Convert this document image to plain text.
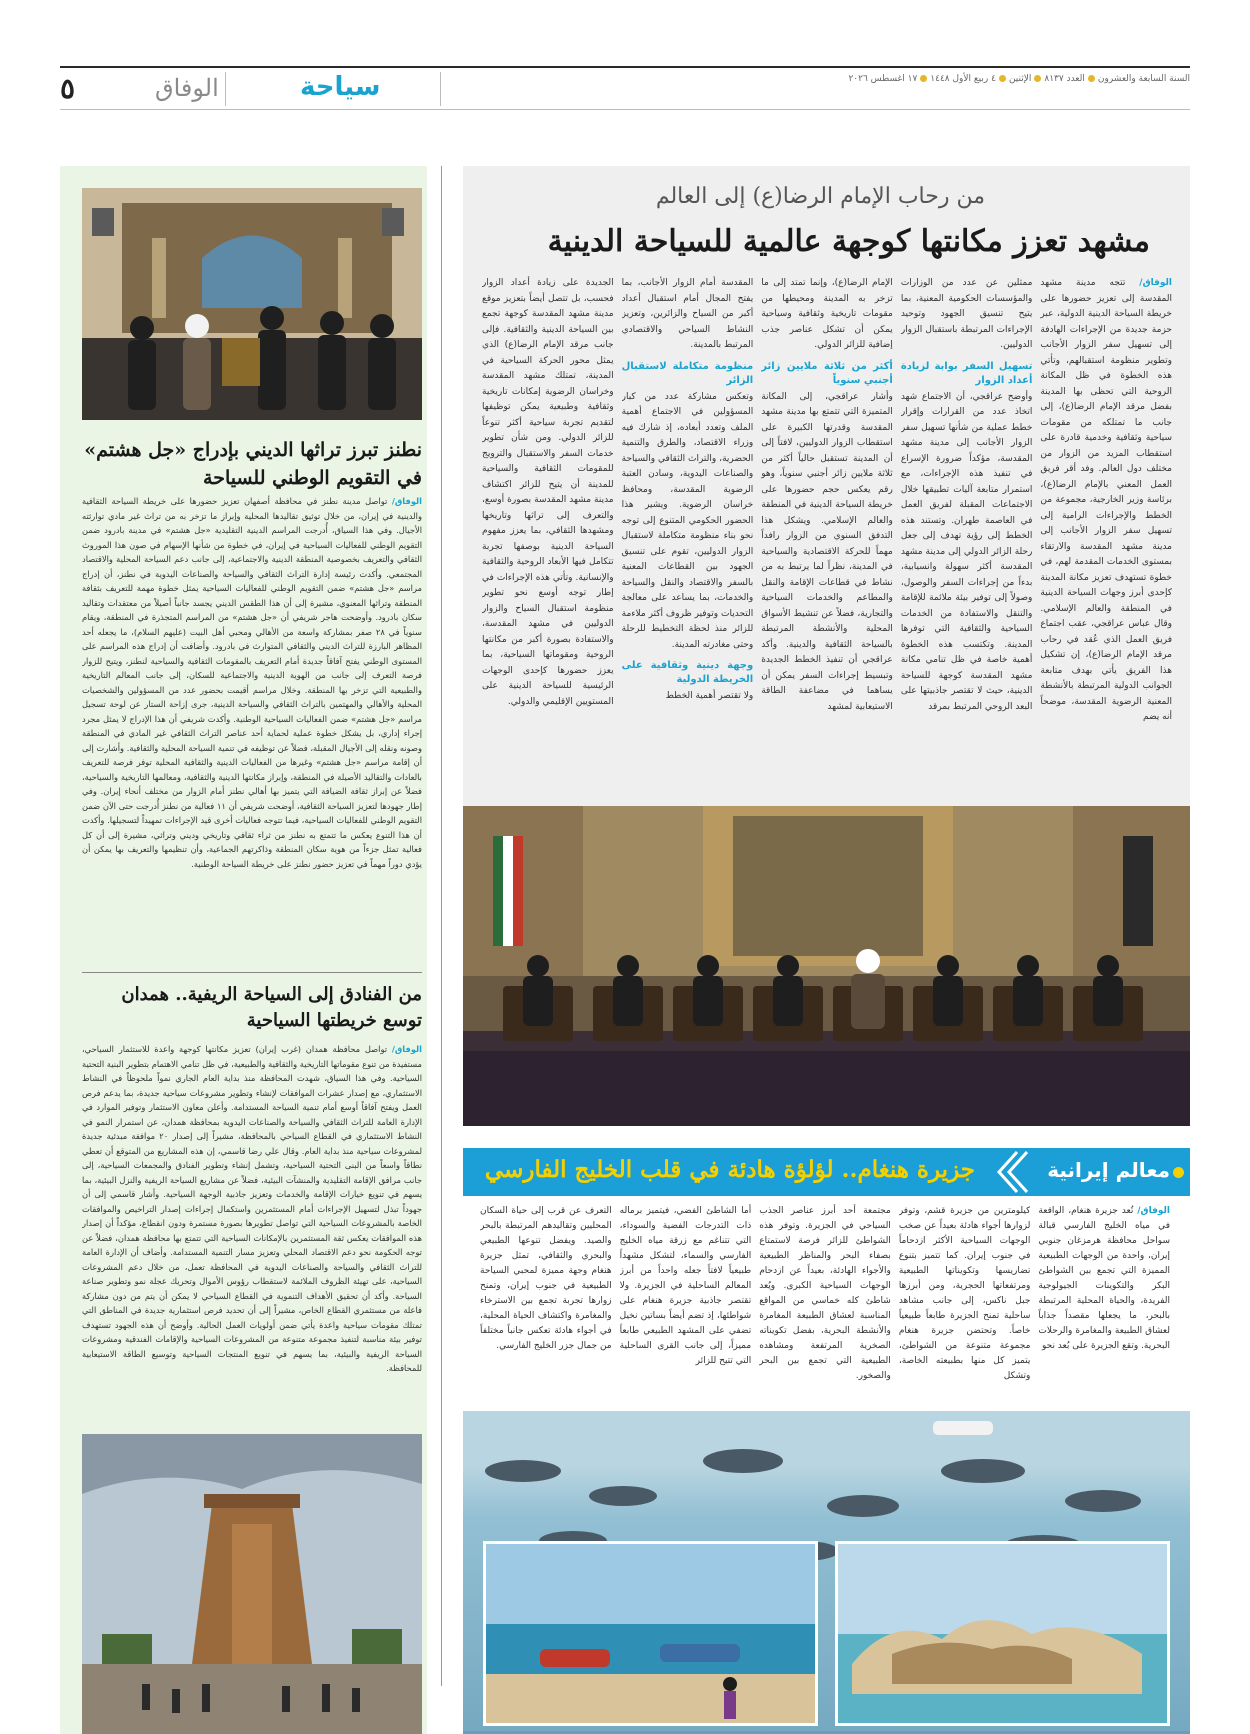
٥	الوفاق	سياحة	السنة السابعة والعشرونالعدد ٨١٣٧الإثنين٤ ربيع الأول ١٤٤٨١٧ اغسطس ٢٠٢٦
من رحاب الإمام الرضا(ع) إلى العالم
مشهد تعزز مكانتها كوجهة عالمية للسياحة الدينية
الوفاق/ تتجه مدينة مشهد المقدسة إلى تعزيز حضورها على خريطة السياحة الدينية الدولية، عبر حزمة جديدة من الإجراءات الهادفة إلى تسهيل سفر الزوار الأجانب وتطوير منظومة استقبالهم، وتأتي هذه الخطوة في ظل المكانة الروحية التي تحظى بها المدينة بفضل مرقد الإمام الرضا(ع)، إلى جانب ما تمتلكه من مقومات سياحية وثقافية وخدمية قادرة على استقطاب المزيد من الزوار من مختلف دول العالم. وفد أقر فريق العمل المعني بالإمام الرضا(ع)، برئاسة وزير الخارجية، مجموعة من الخطط والإجراءات الرامية إلى تسهيل سفر الزوار الأجانب إلى مدينة مشهد المقدسة والارتقاء بمستوى الخدمات المقدمة لهم، في خطوة تستهدف تعزيز مكانة المدينة كإحدى أبرز وجهات السياحة الدينية في المنطقة والعالم الإسلامي. وقال عباس عراقجي، عقب اجتماع فريق العمل الذي عُقد في رحاب مرقد الإمام الرضا(ع)، إن تشكيل هذا الفريق يأتي بهدف متابعة الجوانب الدولية المرتبطة بالأنشطة المعنية الرضوية المقدسة، موضحاً أنه يضم
ممثلين عن عدد من الوزارات والمؤسسات الحكومية المعنية، بما يتيح تنسيق الجهود وتوحيد الإجراءات المرتبطة باستقبال الزوار الدوليين.
تسهيل السفر بوابة لزيادة أعداد الزوار
وأوضح عراقجي، أن الاجتماع شهد اتخاذ عدد من القرارات وإقرار خطط عملية من شأنها تسهيل سفر الزوار الأجانب إلى مدينة مشهد المقدسة، مؤكداً ضرورة الإسراع في تنفيذ هذه الإجراءات، مع استمرار متابعة آليات تطبيقها خلال الاجتماعات المقبلة لفريق العمل في العاصمة طهران. وتستند هذه الخطط إلى رؤية تهدف إلى جعل رحلة الزائر الدولي إلى مدينة مشهد المقدسة أكثر سهولة وانسيابية، بدءاً من إجراءات السفر والوصول، وصولاً إلى توفير بيئة ملائمة للإقامة والتنقل والاستفادة من الخدمات السياحية والثقافية التي توفرها المدينة. وتكتسب هذه الخطوة أهمية خاصة في ظل تنامي مكانة مشهد المقدسة كوجهة للسياحة الدينية، حيث لا تقتصر جاذبيتها على البعد الروحي المرتبط بمرقد
الإمام الرضا(ع)، وإنما تمتد إلى ما تزخر به المدينة ومحيطها من مقومات تاريخية وثقافية وسياحية يمكن أن تشكل عناصر جذب إضافية للزائر الدولي.
أكثر من ثلاثة ملايين زائر أجنبي سنوياً
وأشار عراقجي، إلى المكانة المتميزة التي تتمتع بها مدينة مشهد المقدسة وقدرتها الكبيرة على استقطاب الزوار الدوليين، لافتاً إلى أن المدينة تستقبل حالياً أكثر من ثلاثة ملايين زائر أجنبي سنوياً، وهو رقم يعكس حجم حضورها على خريطة السياحة الدينية في المنطقة والعالم الإسلامي. ويشكل هذا التدفق السنوي من الزوار رافداً مهماً للحركة الاقتصادية والسياحية في المدينة، نظراً لما يرتبط به من نشاط في قطاعات الإقامة والنقل والمطاعم والخدمات السياحية والتجارية، فضلاً عن تنشيط الأسواق المحلية والأنشطة المرتبطة بالسياحة الثقافية والدينية. وأكد عراقجي أن تنفيذ الخطط الجديدة وتبسيط إجراءات السفر يمكن أن يساهما في مضاعفة الطاقة الاستيعابية لمشهد
المقدسة أمام الزوار الأجانب، بما يفتح المجال أمام استقبال أعداد أكبر من السياح والزائرين، وتعزيز النشاط السياحي والاقتصادي المرتبط بالمدينة.
منظومة متكاملة لاستقبال الزائر
وتعكس مشاركة عدد من كبار المسؤولين في الاجتماع أهمية الملف وتعدد أبعاده، إذ شارك فيه وزراء الاقتصاد، والطرق والتنمية الحضرية، والتراث الثقافي والسياحة والصناعات اليدوية، وسادن العتبة الرضوية المقدسة، ومحافظ خراسان الرضوية. ويشير هذا الحضور الحكومي المتنوع إلى توجه نحو بناء منظومة متكاملة لاستقبال الزوار الدوليين، تقوم على تنسيق الجهود بين القطاعات المعنية بالسفر والاقتصاد والنقل والسياحة والخدمات، بما يساعد على معالجة التحديات وتوفير ظروف أكثر ملاءمة للزائر منذ لحظة التخطيط للرحلة وحتى مغادرته المدينة.
وجهة دينية وثقافية على الخريطة الدولية
ولا تقتصر أهمية الخطط
الجديدة على زيادة أعداد الزوار فحسب، بل تتصل أيضاً بتعزيز موقع مدينة مشهد المقدسة كوجهة تجمع بين السياحة الدينية والثقافية. فإلى جانب مرقد الإمام الرضا(ع) الذي يمثل محور الحركة السياحية في المدينة، تمتلك مشهد المقدسة وخراسان الرضوية إمكانات تاريخية وثقافية وطبيعية يمكن توظيفها لتقديم تجربة سياحية أكثر تنوعاً للزائر الدولي. ومن شأن تطوير خدمات السفر والاستقبال والترويج للمقومات الثقافية والسياحية للمدينة أن يتيح للزائر اكتشاف مدينة مشهد المقدسة بصورة أوسع، والتعرف إلى تراثها وتاريخها ومشهدها الثقافي، بما يعزز مفهوم السياحة الدينية بوصفها تجربة تتكامل فيها الأبعاد الروحية والثقافية والإنسانية. وتأتي هذه الإجراءات في إطار توجه أوسع نحو تطوير منظومة استقبال السياح والزوار الدوليين في مشهد المقدسة، والاستفادة بصورة أكبر من مكانتها الروحية ومقوماتها السياحية، بما يعزز حضورها كإحدى الوجهات الرئيسية للسياحة الدينية على المستويين الإقليمي والدولي.
معالم إيرانية
جزيرة هنغام.. لؤلؤة هادئة في قلب الخليج الفارسي
الوفاق/ تُعد جزيرة هنغام، الواقعة في مياه الخليج الفارسي قبالة سواحل محافظة هرمزغان جنوبي إيران، واحدة من الوجهات الطبيعية المميزة التي تجمع بين الشواطئ البكر والتكوينات الجيولوجية الفريدة، والحياة المحلية المرتبطة بالبحر، ما يجعلها مقصداً جذاباً لعشاق الطبيعة والمغامرة والرحلات البحرية. وتقع الجزيرة على بُعد نحو
كيلومترين من جزيرة قشم، وتوفر لزوارها أجواء هادئة بعيداً عن صخب الوجهات السياحية الأكثر ازدحاماً في جنوب إيران. كما تتميز بتنوع تضاريسها وتكويناتها الطبيعية ومرتفعاتها الحجرية، ومن أبرزها جبل ناكس، إلى جانب مشاهد ساحلية تمنح الجزيرة طابعاً طبيعياً خاصاً. وتحتضن جزيرة هنغام مجموعة متنوعة من الشواطئ، يتميز كل منها بطبيعته الخاصة، وتشكل
مجتمعة أحد أبرز عناصر الجذب السياحي في الجزيرة. وتوفر هذه الشواطئ للزائر فرصة لاستمتاع بصفاء البحر والمناظر الطبيعية والأجواء الهادئة، بعيداً عن ازدحام الوجهات السياحية الكبرى. ويُعد شاطئ كله خماسي من المواقع المناسبة لعشاق الطبيعة المغامرة والأنشطة البحرية، بفضل تكويناته الصخرية المرتفعة ومشاهده الطبيعية التي تجمع بين البحر والصخور.
أما الشاطئ الفضي، فيتميز برماله ذات التدرجات الفضية والسوداء، التي تتناغم مع زرقة مياه الخليج الفارسي والسماء، لتشكل مشهداً طبيعياً لافتاً جعله واحداً من أبرز المعالم الساحلية في الجزيرة. ولا تقتصر جاذبية جزيرة هنغام على شواطئها، إذ تضم أيضاً بساتين نخيل تضفي على المشهد الطبيعي طابعاً مميزاً، إلى جانب القرى الساحلية التي تتيح للزائر
التعرف عن قرب إلى حياة السكان المحليين وتقاليدهم المرتبطة بالبحر والصيد. ويفضل تنوعها الطبيعي والبحري والثقافي، تمثل جزيرة هنغام وجهة مميزة لمحبي السياحة الطبيعية في جنوب إيران، وتمنح زوارها تجربة تجمع بين الاسترخاء والمغامرة واكتشاف الحياة المحلية، في أجواء هادئة تعكس جانباً مختلفاً من جمال جزر الخليج الفارسي.
نطنز تبرز تراثها الديني بإدراج «جل هشتم» في التقويم الوطني للسياحة
الوفاق/ تواصل مدينة نطنز في محافظة أصفهان تعزيز حضورها على خريطة السياحة الثقافية والدينية في إيران، من خلال توثيق تقاليدها المحلية وإبراز ما تزخر به من تراث غير مادي توارثته الأجيال. وفي هذا السياق، أُدرجت المراسم الدينية التقليدية «جل هشتم» في مدينة بادرود ضمن التقويم الوطني للفعاليات السياحية في إيران، في خطوة من شأنها الإسهام في صون هذا الموروث الثقافي والتعريف بخصوصية المنطقة الدينية والاجتماعية، إلى جانب دعم السياحة المحلية والاقتصاد المجتمعي. وأكدت رئيسة إدارة التراث الثقافي والسياحة والصناعات اليدوية في نطنز، أن إدراج مراسم «جل هشتم» ضمن التقويم الوطني للفعاليات السياحية يمثل خطوة مهمة للتعريف بثقافة المنطقة وتراثها المعنوي، مشيرة إلى أن هذا الطقس الديني يجسد جانباً أصيلاً من معتقدات وتقاليد سكان بادرود. وأوضحت هاجر شريفي أن «جل هشتم» من المراسم المتجذرة في المنطقة، ويقام سنوياً في ٢٨ صفر بمشاركة واسعة من الأهالي ومحبي أهل البيت (عليهم السلام)، ما يجعله أحد المظاهر البارزة للتراث الديني والثقافي المتوارث في بادرود. وأضافت أن إدراج هذه المراسم على المستوى الوطني يفتح آفاقاً جديدة أمام التعريف بالمقومات الثقافية والسياحية لنطنز، ويتيح للزوار فرصة التعرف إلى جانب من الهوية الدينية والاجتماعية للسكان، إلى جانب المعالم التاريخية والطبيعية التي تزخر بها المنطقة. وخلال مراسم أقيمت بحضور عدد من المسؤولين والشخصيات المحلية والأهالي والمهتمين بالتراث الثقافي والسياحة الدينية، جرى إزاحة الستار عن لوحة تسجيل مراسم «جل هشتم» ضمن الفعاليات السياحية الوطنية. وأكدت شريفي أن هذا الإدراج لا يمثل مجرد إجراء إداري، بل يشكل خطوة عملية لحماية أحد عناصر التراث الثقافي غير المادي في المنطقة وصونه ونقله إلى الأجيال المقبلة، فضلاً عن توظيفه في تنمية السياحة المحلية والثقافية. وأشارت إلى أن إقامة مراسم «جل هشتم» وغيرها من الفعاليات الدينية والثقافية المحلية توفر فرصة للتعريف بالعادات والتقاليد الأصيلة في المنطقة، وإبراز مكانتها الدينية والثقافية، ومعالمها التاريخية والسياحية، فضلاً عن إبراز ثقافة الضيافة التي يتميز بها أهالي نطنز أمام الزوار من مختلف أنحاء إيران. وفي إطار جهودها لتعزيز السياحة الثقافية، أوضحت شريفي أن ١١ فعالية من نطنز أُدرجت حتى الآن ضمن التقويم الوطني للفعاليات السياحية، فيما تتوجه فعاليات أخرى قيد الإجراءات تمهيداً لتسجيلها. وأكدت أن هذا التنوع يعكس ما تتمتع به نطنز من ثراء ثقافي وتاريخي وديني وتراثي، مشيرة إلى أن كل فعالية تمثل جزءاً من هوية سكان المنطقة وذاكرتهم الجماعية، وأن تنظيمها والتعريف بها يمكن أن يؤدي دوراً مهماً في تعزيز حضور نطنز على خريطة السياحة الوطنية.
من الفنادق إلى السياحة الريفية.. همدان توسع خريطتها السياحية
الوفاق/ تواصل محافظة همدان (غرب إيران) تعزيز مكانتها كوجهة واعدة للاستثمار السياحي، مستفيدة من تنوع مقوماتها التاريخية والثقافية والطبيعية، في ظل تنامي الاهتمام بتطوير البنية التحتية السياحية. وفي هذا السياق، شهدت المحافظة منذ بداية العام الجاري نمواً ملحوظاً في النشاط الاستثماري، مع إصدار عشرات الموافقات لإنشاء وتطوير مشروعات سياحية جديدة، بما يدعم فرص العمل ويفتح آفاقاً أوسع أمام تنمية السياحة المستدامة. وأعلن معاون الاستثمار وتوفير الموارد في الإدارة العامة للتراث الثقافي والسياحة والصناعات اليدوية بمحافظة همدان، عن استمرار النمو في النشاط الاستثماري في القطاع السياحي بالمحافظة، مشيراً إلى إصدار ٢٠ موافقة مبدئية جديدة لمشروعات سياحية منذ بداية العام. وقال علي رضا قاسمي، إن هذه المشاريع من المتوقع أن تعطي نطاقاً واسعاً من البنى التحتية السياحية، وتشمل إنشاء وتطوير الفنادق والمجمعات السياحية، إلى جانب مرافق الإقامة التقليدية والمنشآت البيئية، فضلاً عن مشاريع السياحة الريفية والنزل البيئية، بما يسهم في تنويع خيارات الإقامة والخدمات وتعزيز جاذبية الوجهة السياحية. وأشار قاسمي إلى أن جهوداً تبذل لتسهيل الإجراءات أمام المستثمرين واستكمال إجراءات إصدار التراخيص والموافقات الخاصة بالمشروعات السياحية التي تواصل تطويرها بصورة مستمرة ودون انقطاع، مؤكداً أن إصدار هذه الموافقات يعكس ثقة المستثمرين بالإمكانات السياحية التي تتمتع بها محافظة همدان، فضلاً عن توجه الحكومة نحو دعم الاقتصاد المحلي وتعزيز مسار التنمية المستدامة. وأضاف أن الإدارة العامة للتراث الثقافي والسياحة والصناعات اليدوية في المحافظة تعمل، من خلال دعم المشروعات السياحية، على تهيئة الظروف الملائمة لاستقطاب رؤوس الأموال وتحريك عجلة نمو وتطوير صناعة السياحة. وأكد أن تحقيق الأهداف التنموية في القطاع السياحي لا يمكن أن يتم من دون مشاركة فاعلة من مستثمري القطاع الخاص، مشيراً إلى أن تحديد فرص استثمارية جديدة في المناطق التي تمتلك مقومات سياحية واعدة يأتي ضمن أولويات العمل الحالية. وأوضح أن هذه الجهود تستهدف توفير بيئة مناسبة لتنفيذ مجموعة متنوعة من المشروعات السياحية والإقامات الفندقية ومشروعات السياحة الريفية والبيئية، بما يسهم في تنويع المنتجات السياحية وتوسيع الطاقة الاستيعابية للمحافظة.
